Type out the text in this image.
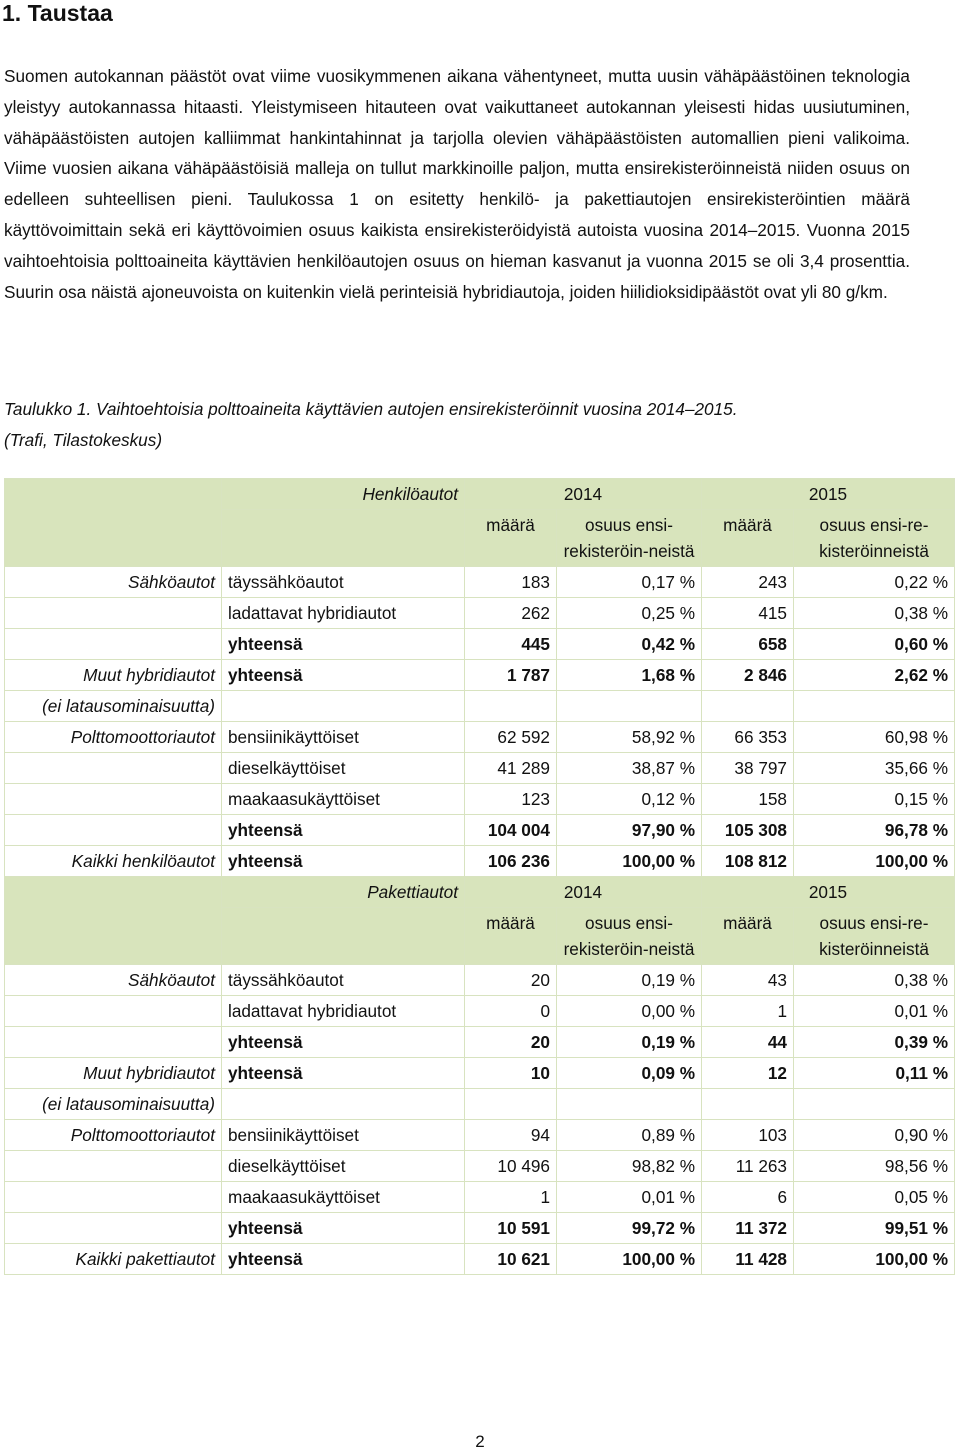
1. Taustaa

Suomen autokannan päästöt ovat viime vuosikymmenen aikana vähentyneet, mutta uusin vähäpäästöinen teknologia yleistyy autokannassa hitaasti. Yleistymiseen hitauteen ovat vaikuttaneet autokannan yleisesti hidas uusiutuminen, vähäpäästöisten autojen kalliimmat hankintahinnat ja tarjolla olevien vähäpäästöisten automallien pieni valikoima. Viime vuosien aikana vähäpäästöisiä malleja on tullut markkinoille paljon, mutta ensirekisteröinneistä niiden osuus on edelleen suhteellisen pieni. Taulukossa 1 on esitetty henkilö- ja pakettiautojen ensirekisteröintien määrä käyttövoimittain sekä eri käyttövoimien osuus kaikista ensirekisteröidyistä autoista vuosina 2014–2015. Vuonna 2015 vaihtoehtoisia polttoaineita käyttävien henkilöautojen osuus on hieman kasvanut ja vuonna 2015 se oli 3,4 prosenttia. Suurin osa näistä ajoneuvoista on kuitenkin vielä perinteisiä hybridiautoja, joiden hiilidioksidipäästöt ovat yli 80 g/km.

Taulukko 1. Vaihtoehtoisia polttoaineita käyttävien autojen ensirekisteröinnit vuosina 2014–2015.
(Trafi, Tilastokeskus)
	Henkilöautot	2014		2015	
		määrä	osuus ensi-rekisteröin-neistä	määrä	osuus ensi-re-kisteröinneistä
Sähköautot	täyssähköautot	183	0,17 %	243	0,22 %
	ladattavat hybridiautot	262	0,25 %	415	0,38 %
	yhteensä	445	0,42 %	658	0,60 %
Muut hybridiautot	yhteensä	1 787	1,68 %	2 846	2,62 %
(ei latausominaisuutta)					
Polttomoottoriautot	bensiinikäyttöiset	62 592	58,92 %	66 353	60,98 %
	dieselkäyttöiset	41 289	38,87 %	38 797	35,66 %
	maakaasukäyttöiset	123	0,12 %	158	0,15 %
	yhteensä	104 004	97,90 %	105 308	96,78 %
Kaikki henkilöautot	yhteensä	106 236	100,00 %	108 812	100,00 %
	Pakettiautot	2014		2015	
		määrä	osuus ensi-rekisteröin-neistä	määrä	osuus ensi-re-kisteröinneistä
Sähköautot	täyssähköautot	20	0,19 %	43	0,38 %
	ladattavat hybridiautot	0	0,00 %	1	0,01 %
	yhteensä	20	0,19 %	44	0,39 %
Muut hybridiautot	yhteensä	10	0,09 %	12	0,11 %
(ei latausominaisuutta)					
Polttomoottoriautot	bensiinikäyttöiset	94	0,89 %	103	0,90 %
	dieselkäyttöiset	10 496	98,82 %	11 263	98,56 %
	maakaasukäyttöiset	1	0,01 %	6	0,05 %
	yhteensä	10 591	99,72 %	11 372	99,51 %
Kaikki pakettiautot	yhteensä	10 621	100,00 %	11 428	100,00 %
2
